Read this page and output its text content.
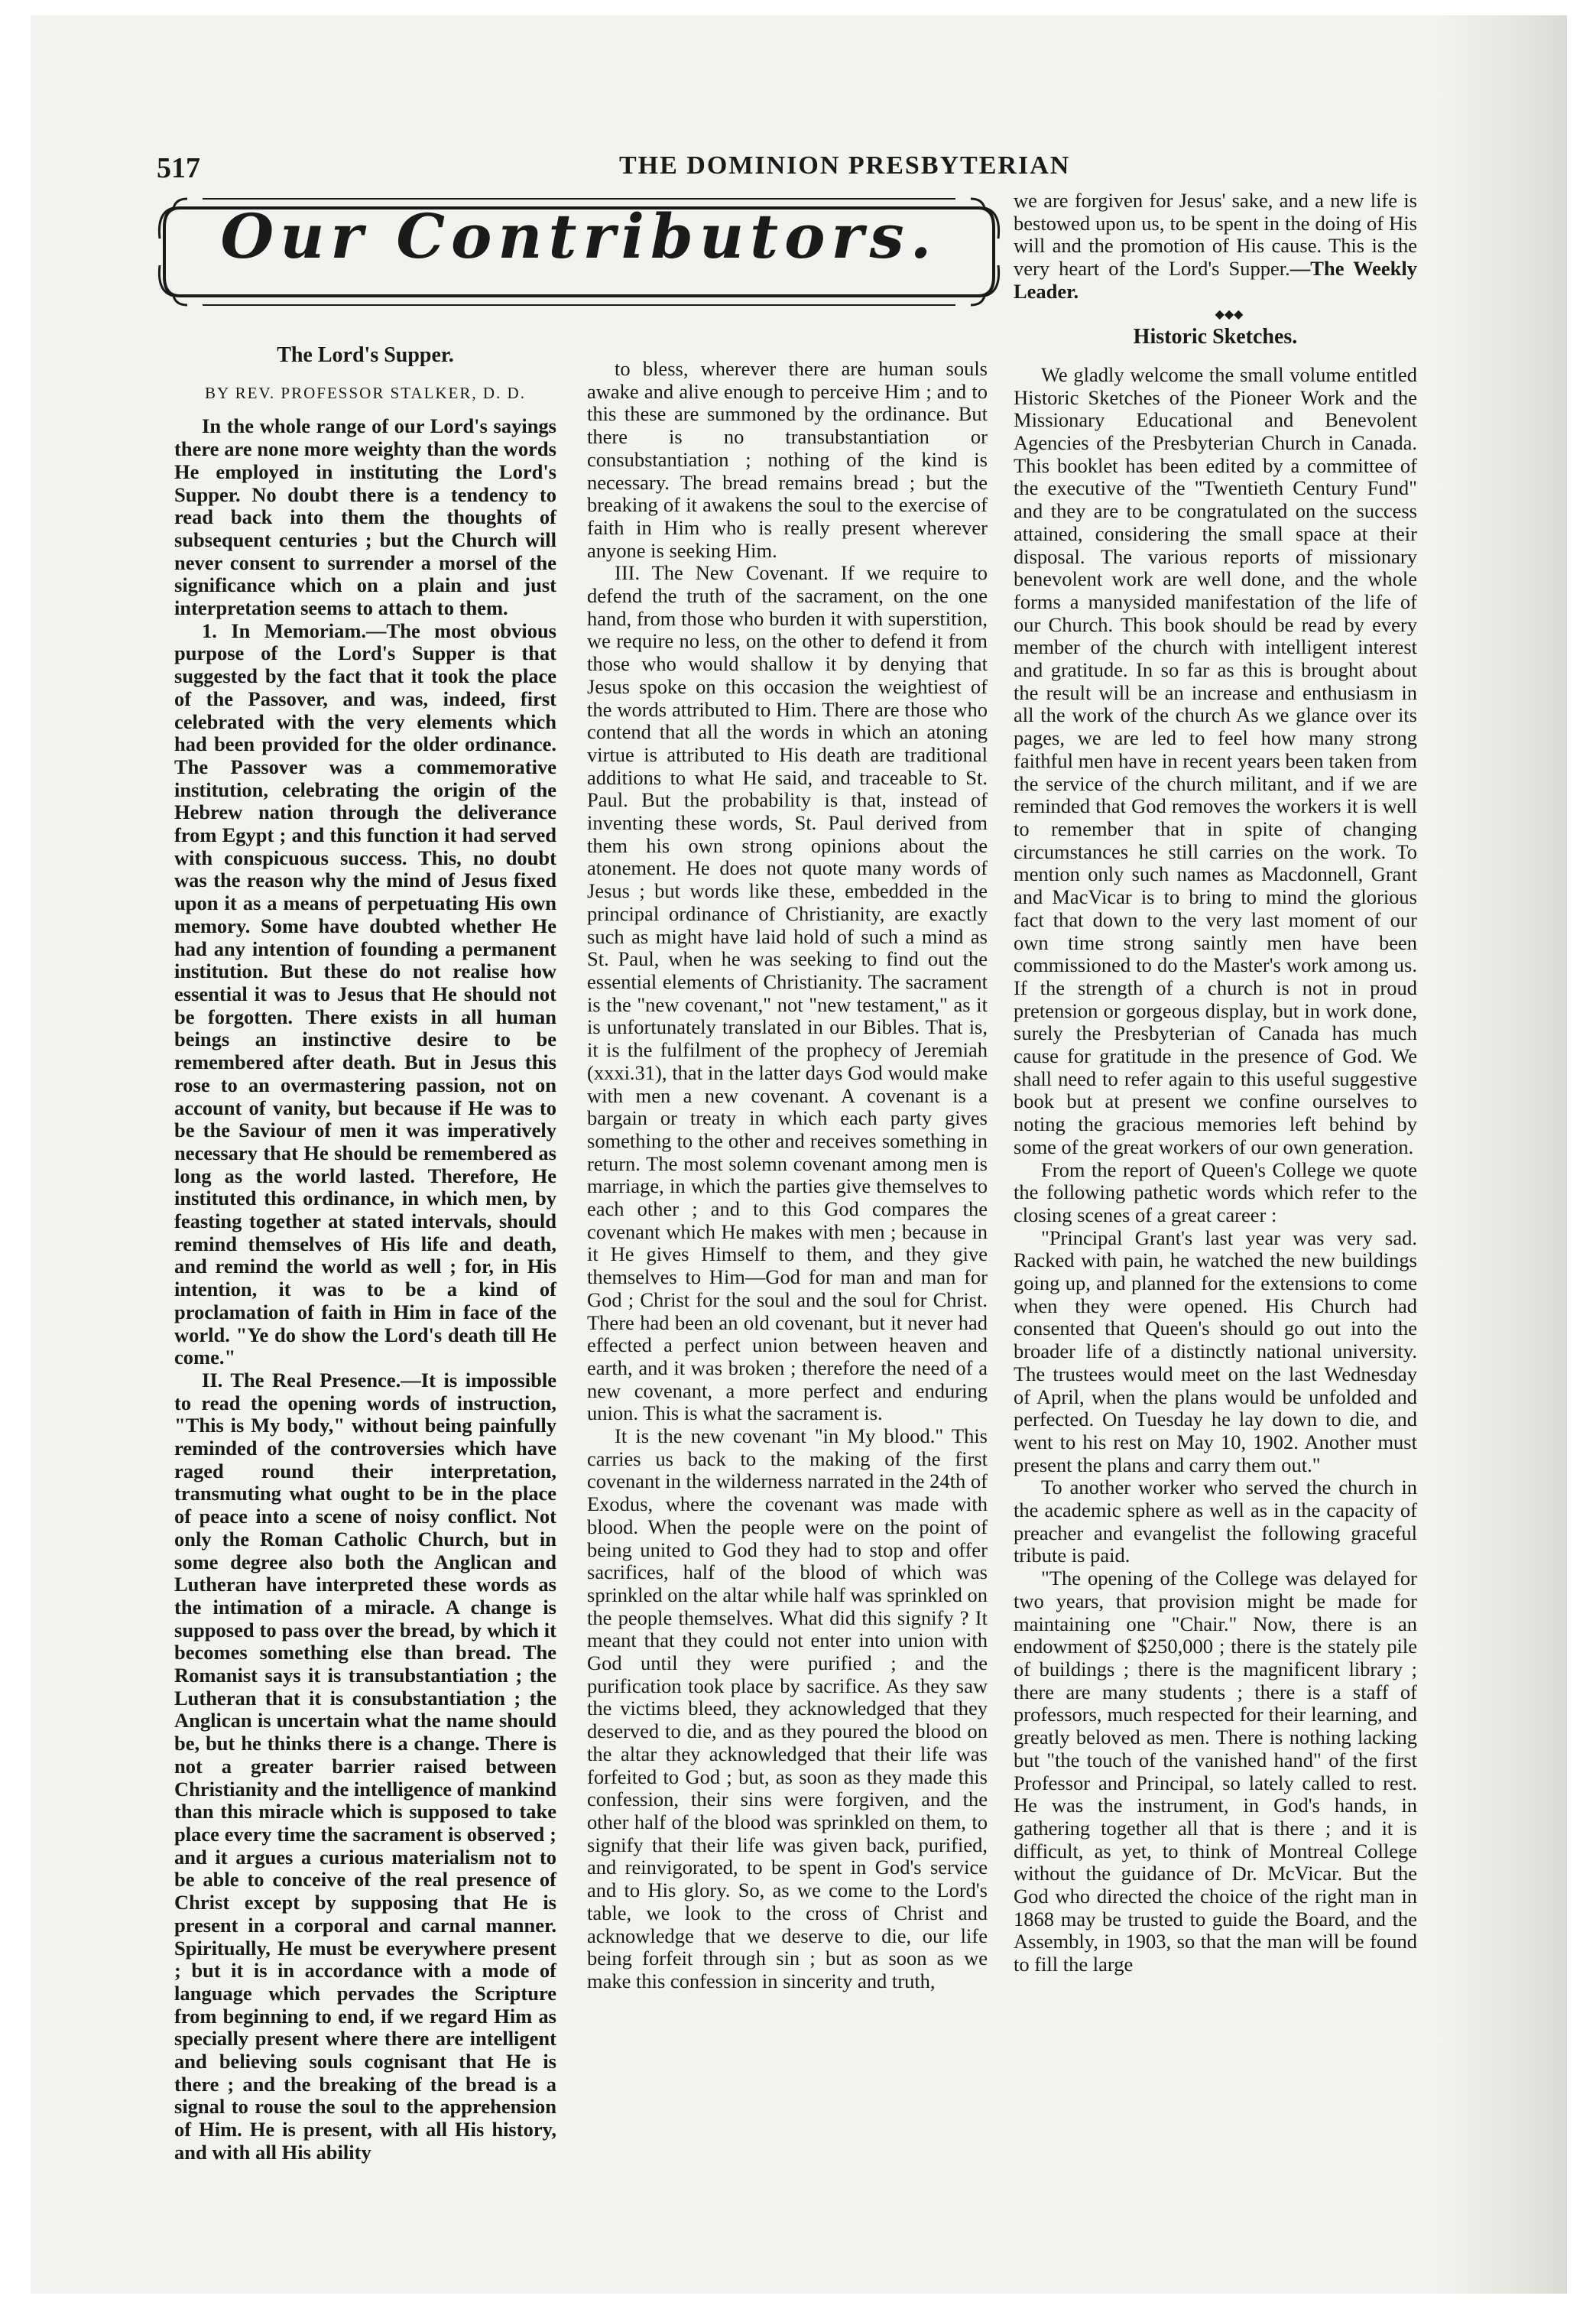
517	THE DOMINION PRESBYTERIAN
Our Contributors.
The Lord's Supper.

BY REV. PROFESSOR STALKER, D. D.

In the whole range of our Lord's sayings there are none more weighty than the words He employed in instituting the Lord's Supper. No doubt there is a tendency to read back into them the thoughts of subsequent centuries ; but the Church will never consent to surrender a morsel of the significance which on a plain and just interpretation seems to attach to them.

1. In Memoriam.—The most obvious purpose of the Lord's Supper is that suggested by the fact that it took the place of the Passover, and was, indeed, first celebrated with the very elements which had been provided for the older ordinance. The Passover was a commemorative institution, celebrating the origin of the Hebrew nation through the deliverance from Egypt ; and this function it had served with conspicuous success. This, no doubt was the reason why the mind of Jesus fixed upon it as a means of perpetuating His own memory. Some have doubted whether He had any intention of founding a permanent institution. But these do not realise how essential it was to Jesus that He should not be forgotten. There exists in all human beings an instinctive desire to be remembered after death. But in Jesus this rose to an overmastering passion, not on account of vanity, but because if He was to be the Saviour of men it was imperatively necessary that He should be remembered as long as the world lasted. Therefore, He instituted this ordinance, in which men, by feasting together at stated intervals, should remind themselves of His life and death, and remind the world as well ; for, in His intention, it was to be a kind of proclamation of faith in Him in face of the world. "Ye do show the Lord's death till He come."

II. The Real Presence.—It is impossible to read the opening words of instruction, "This is My body," without being painfully reminded of the controversies which have raged round their interpretation, transmuting what ought to be in the place of peace into a scene of noisy conflict. Not only the Roman Catholic Church, but in some degree also both the Anglican and Lutheran have interpreted these words as the intimation of a miracle. A change is supposed to pass over the bread, by which it becomes something else than bread. The Romanist says it is transubstantiation ; the Lutheran that it is consubstantiation ; the Anglican is uncertain what the name should be, but he thinks there is a change. There is not a greater barrier raised between Christianity and the intelligence of mankind than this miracle which is supposed to take place every time the sacrament is observed ; and it argues a curious materialism not to be able to conceive of the real presence of Christ except by supposing that He is present in a corporal and carnal manner. Spiritually, He must be everywhere present ; but it is in accordance with a mode of language which pervades the Scripture from beginning to end, if we regard Him as specially present where there are intelligent and believing souls cognisant that He is there ; and the breaking of the bread is a signal to rouse the soul to the apprehension of Him. He is present, with all His history, and with all His ability

to bless, wherever there are human souls awake and alive enough to perceive Him ; and to this these are summoned by the ordinance. But there is no transubstantiation or consubstantiation ; nothing of the kind is necessary. The bread remains bread ; but the breaking of it awakens the soul to the exercise of faith in Him who is really present wherever anyone is seeking Him.

III. The New Covenant. If we require to defend the truth of the sacrament, on the one hand, from those who burden it with superstition, we require no less, on the other to defend it from those who would shallow it by denying that Jesus spoke on this occasion the weightiest of the words attributed to Him. There are those who contend that all the words in which an atoning virtue is attributed to His death are traditional additions to what He said, and traceable to St. Paul. But the probability is that, instead of inventing these words, St. Paul derived from them his own strong opinions about the atonement. He does not quote many words of Jesus ; but words like these, embedded in the principal ordinance of Christianity, are exactly such as might have laid hold of such a mind as St. Paul, when he was seeking to find out the essential elements of Christianity. The sacrament is the "new covenant," not "new testament," as it is unfortunately translated in our Bibles. That is, it is the fulfilment of the prophecy of Jeremiah (xxxi.31), that in the latter days God would make with men a new covenant. A covenant is a bargain or treaty in which each party gives something to the other and receives something in return. The most solemn covenant among men is marriage, in which the parties give themselves to each other ; and to this God compares the covenant which He makes with men ; because in it He gives Himself to them, and they give themselves to Him—God for man and man for God ; Christ for the soul and the soul for Christ. There had been an old covenant, but it never had effected a perfect union between heaven and earth, and it was broken ; therefore the need of a new covenant, a more perfect and enduring union. This is what the sacrament is.

It is the new covenant "in My blood." This carries us back to the making of the first covenant in the wilderness narrated in the 24th of Exodus, where the covenant was made with blood. When the people were on the point of being united to God they had to stop and offer sacrifices, half of the blood of which was sprinkled on the altar while half was sprinkled on the people themselves. What did this signify ? It meant that they could not enter into union with God until they were purified ; and the purification took place by sacrifice. As they saw the victims bleed, they acknowledged that they deserved to die, and as they poured the blood on the altar they acknowledged that their life was forfeited to God ; but, as soon as they made this confession, their sins were forgiven, and the other half of the blood was sprinkled on them, to signify that their life was given back, purified, and reinvigorated, to be spent in God's service and to His glory. So, as we come to the Lord's table, we look to the cross of Christ and acknowledge that we deserve to die, our life being forfeit through sin ; but as soon as we make this confession in sincerity and truth,

we are forgiven for Jesus' sake, and a new life is bestowed upon us, to be spent in the doing of His will and the promotion of His cause. This is the very heart of the Lord's Supper.—The Weekly Leader.

◆◆◆

Historic Sketches.

We gladly welcome the small volume entitled Historic Sketches of the Pioneer Work and the Missionary Educational and Benevolent Agencies of the Presbyterian Church in Canada. This booklet has been edited by a committee of the executive of the "Twentieth Century Fund" and they are to be congratulated on the success attained, considering the small space at their disposal. The various reports of missionary benevolent work are well done, and the whole forms a manysided manifestation of the life of our Church. This book should be read by every member of the church with intelligent interest and gratitude. In so far as this is brought about the result will be an increase and enthusiasm in all the work of the church As we glance over its pages, we are led to feel how many strong faithful men have in recent years been taken from the service of the church militant, and if we are reminded that God removes the workers it is well to remember that in spite of changing circumstances he still carries on the work. To mention only such names as Macdonnell, Grant and MacVicar is to bring to mind the glorious fact that down to the very last moment of our own time strong saintly men have been commissioned to do the Master's work among us. If the strength of a church is not in proud pretension or gorgeous display, but in work done, surely the Presbyterian of Canada has much cause for gratitude in the presence of God. We shall need to refer again to this useful suggestive book but at present we confine ourselves to noting the gracious memories left behind by some of the great workers of our own generation.

From the report of Queen's College we quote the following pathetic words which refer to the closing scenes of a great career :

"Principal Grant's last year was very sad. Racked with pain, he watched the new buildings going up, and planned for the extensions to come when they were opened. His Church had consented that Queen's should go out into the broader life of a distinctly national university. The trustees would meet on the last Wednesday of April, when the plans would be unfolded and perfected. On Tuesday he lay down to die, and went to his rest on May 10, 1902. Another must present the plans and carry them out."

To another worker who served the church in the academic sphere as well as in the capacity of preacher and evangelist the following graceful tribute is paid.

"The opening of the College was delayed for two years, that provision might be made for maintaining one "Chair." Now, there is an endowment of $250,000 ; there is the stately pile of buildings ; there is the magnificent library ; there are many students ; there is a staff of professors, much respected for their learning, and greatly beloved as men. There is nothing lacking but "the touch of the vanished hand" of the first Professor and Principal, so lately called to rest. He was the instrument, in God's hands, in gathering together all that is there ; and it is difficult, as yet, to think of Montreal College without the guidance of Dr. McVicar. But the God who directed the choice of the right man in 1868 may be trusted to guide the Board, and the Assembly, in 1903, so that the man will be found to fill the large
